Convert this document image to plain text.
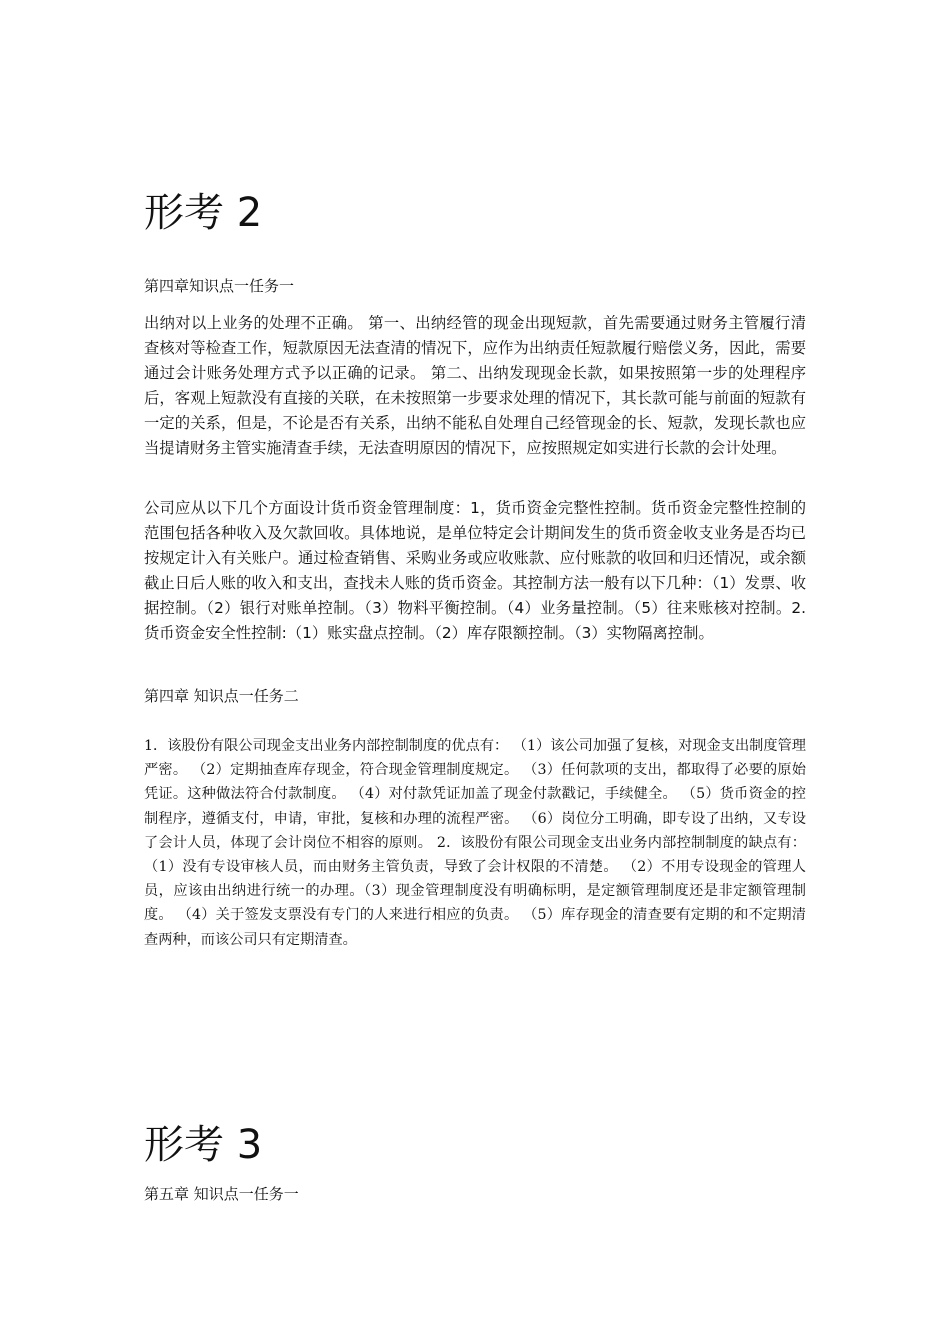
形考 2

第四章知识点一任务一

出纳对以上业务的处理不正确。 第一、出纳经管的现金出现短款，首先需要通过财务主管履行清查核对等检查工作，短款原因无法查清的情况下，应作为出纳责任短款履行赔偿义务，因此，需要通过会计账务处理方式予以正确的记录。 第二、出纳发现现金长款，如果按照第一步的处理程序后，客观上短款没有直接的关联，在未按照第一步要求处理的情况下，其长款可能与前面的短款有一定的关系，但是，不论是否有关系，出纳不能私自处理自己经管现金的长、短款，发现长款也应当提请财务主管实施清查手续，无法查明原因的情况下，应按照规定如实进行长款的会计处理。

公司应从以下几个方面设计货币资金管理制度：1，货币资金完整性控制。货币资金完整性控制的范围包括各种收入及欠款回收。具体地说，是单位特定会计期间发生的货币资金收支业务是否均已按规定计入有关账户。通过检查销售、采购业务或应收账款、应付账款的收回和归还情况，或余额截止日后人账的收入和支出，查找未人账的货币资金。其控制方法一般有以下几种：（1）发票、收据控制。（2）银行对账单控制。（3）物料平衡控制。（4）业务量控制。（5）往来账核对控制。2.货币资金安全性控制:（1）账实盘点控制。（2）库存限额控制。（3）实物隔离控制。

第四章 知识点一任务二

1．该股份有限公司现金支出业务内部控制制度的优点有： （1）该公司加强了复核，对现金支出制度管理严密。 （2）定期抽查库存现金，符合现金管理制度规定。 （3）任何款项的支出，都取得了必要的原始凭证。这种做法符合付款制度。 （4）对付款凭证加盖了现金付款戳记，手续健全。 （5）货币资金的控制程序，遵循支付，申请，审批，复核和办理的流程严密。 （6）岗位分工明确，即专设了出纳，又专设了会计人员，体现了会计岗位不相容的原则。 2．该股份有限公司现金支出业务内部控制制度的缺点有： （1）没有专设审核人员，而由财务主管负责，导致了会计权限的不清楚。 （2）不用专设现金的管理人员，应该由出纳进行统一的办理。（3）现金管理制度没有明确标明，是定额管理制度还是非定额管理制度。 （4）关于签发支票没有专门的人来进行相应的负责。 （5）库存现金的清查要有定期的和不定期清查两种，而该公司只有定期清查。

形考 3

第五章 知识点一任务一
